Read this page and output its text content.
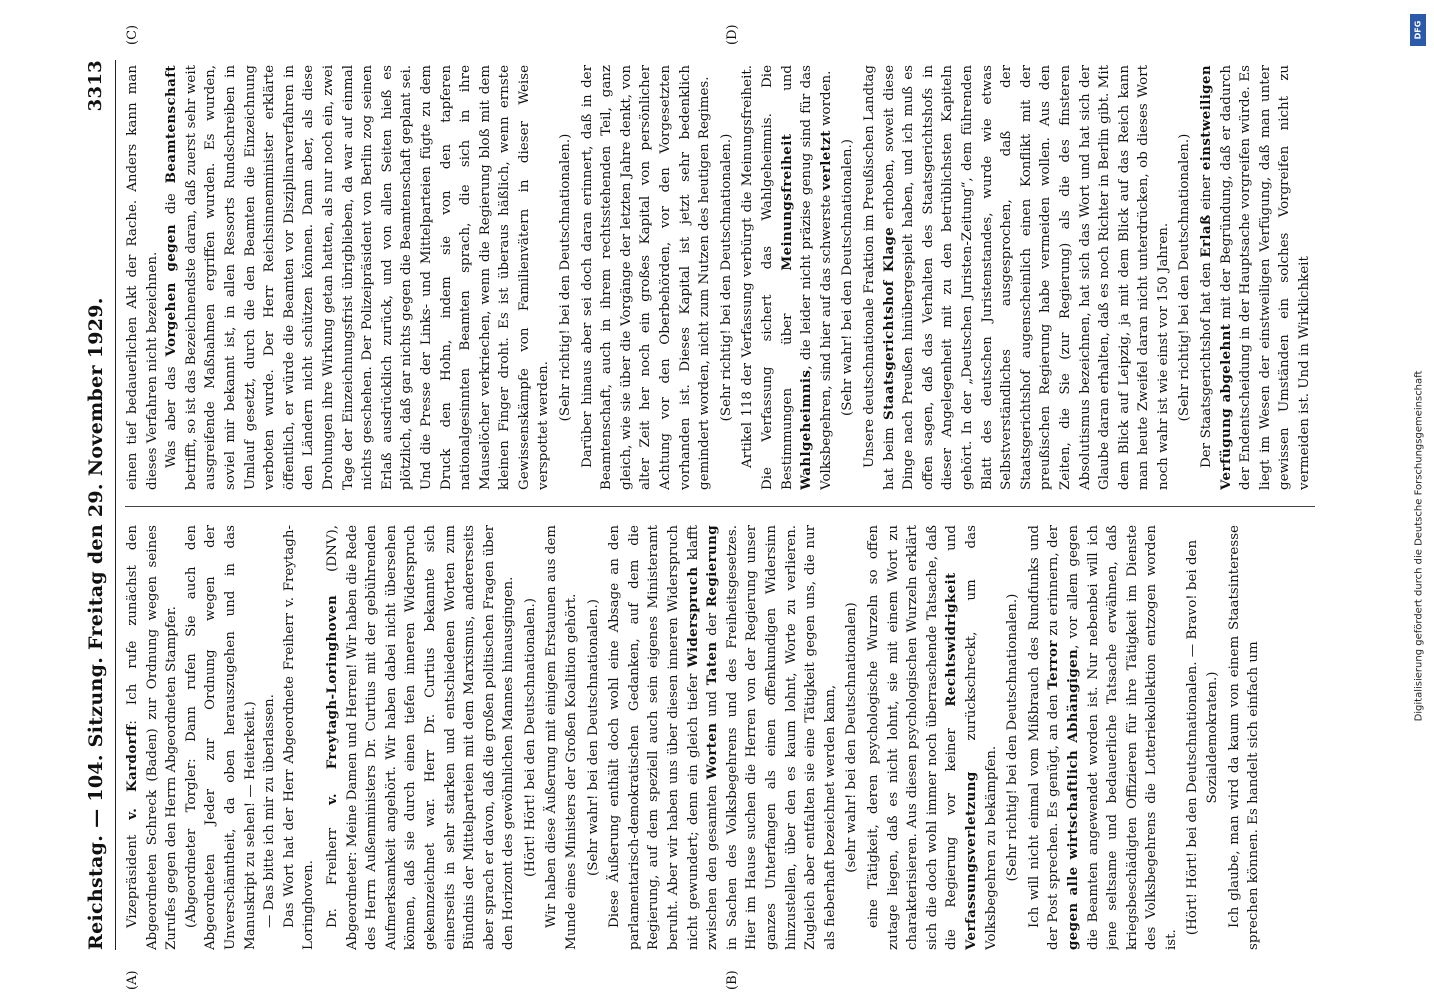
Reichstag. — 104. Sitzung. Freitag den 29. November 1929.
3313
(A)	(B)
(C)	(D)

Vizepräsident v. Kardorff: Ich rufe zunächst den Abgeordneten Schreck (Baden) zur Ordnung wegen seines Zurufes gegen den Herrn Abgeordneten Stampfer. (Abgeordneter Torgler: Dann rufen Sie auch den Abgeordneten Jeder zur Ordnung wegen der Unverschämtheit, da oben herauszugehen und in das Manuskript zu sehen! — Heiterkeit.) — Das bitte ich mir zu überlassen. Das Wort hat der Herr Abgeordnete Freiherr v. Freytagh-Loringhoven. Dr. Freiherr v. Freytagh-Loringhoven (DNV), Abgeordneter: Meine Damen und Herren! Wir haben die Rede des Herrn Außenministers Dr. Curtius mit der gebührenden Aufmerksamkeit angehört. Wir haben dabei nicht übersehen können, daß sie durch einen tiefen inneren Widerspruch gekennzeichnet war. Herr Dr. Curtius bekannte sich einerseits in sehr starken und entschiedenen Worten zum Bündnis der Mittelparteien mit dem Marxismus, andererseits aber sprach er davon, daß die großen politischen Fragen über den Horizont des gewöhnlichen Mannes hinausgingen. (Hört! Hört! bei den Deutschnationalen.) Wir haben diese Äußerung mit einigem Erstaunen aus dem Munde eines Ministers der Großen Koalition gehört. (Sehr wahr! bei den Deutschnationalen.) Diese Äußerung enthält doch wohl eine Absage an den parlamentarisch-demokratischen Gedanken, auf dem die Regierung, auf dem speziell auch sein eigenes Ministeramt beruht. Aber wir haben uns über diesen inneren Widerspruch nicht gewundert; denn ein gleich tiefer Widerspruch klafft zwischen den gesamten Worten und Taten der Regierung in Sachen des Volksbegehrens und des Freiheitsgesetzes. Hier im Hause suchen die Herren von der Regierung unser ganzes Unterfangen als einen offenkundigen Widersinn hinzustellen, über den es kaum lohnt, Worte zu verlieren. Zugleich aber entfalten sie eine Tätigkeit gegen uns, die nur als fieberhaft bezeichnet werden kann, (sehr wahr! bei den Deutschnationalen) eine Tätigkeit, deren psychologische Wurzeln so offen zutage liegen, daß es nicht lohnt, sie mit einem Wort zu charakterisieren. Aus diesen psychologischen Wurzeln erklärt sich die doch wohl immer noch überraschende Tatsache, daß die Regierung vor keiner Rechtswidrigkeit und Verfassungsverletzung zurückschreckt, um das Volksbegehren zu bekämpfen. (Sehr richtig! bei den Deutschnationalen.) Ich will nicht einmal vom Mißbrauch des Rundfunks und der Post sprechen. Es genügt, an den Terror zu erinnern, der gegen alle wirtschaftlich Abhängigen, vor allem gegen die Beamten angewendet worden ist. Nur nebenbei will ich jene seltsame und bedauerliche Tatsache erwähnen, daß kriegsbeschädigten Offizieren für ihre Tätigkeit im Dienste des Volksbegehrens die Lotteriekollektion entzogen worden ist.

(Hört! Hört! bei den Deutschnationalen. — Bravo! bei den Sozialdemokraten.) Ich glaube, man wird da kaum von einem Staatsinteresse sprechen können. Es handelt sich einfach um

einen tief bedauerlichen Akt der Rache. Anders kann man dieses Verfahren nicht bezeichnen. Was aber das Vorgehen gegen die Beamtenschaft betrifft, so ist das Bezeichnendste daran, daß zuerst sehr weit ausgreifende Maßnahmen ergriffen wurden. Es wurden, soviel mir bekannt ist, in allen Ressorts Rundschreiben in Umlauf gesetzt, durch die den Beamten die Einzeichnung verboten wurde. Der Herr Reichsinnenminister erklärte öffentlich, er würde die Beamten vor Disziplinarverfahren in den Ländern nicht schützen können. Dann aber, als diese Drohungen ihre Wirkung getan hatten, als nur noch ein, zwei Tage der Einzeichnungsfrist übrigblieben, da war auf einmal nichts geschehen. Der Polizeipräsident von Berlin zog seinen Erlaß ausdrücklich zurück, und von allen Seiten hieß es plötzlich, daß gar nichts gegen die Beamtenschaft geplant sei. Und die Presse der Links- und Mittelparteien fügte zu dem Druck den Hohn, indem sie von den tapferen nationalgesinnten Beamten sprach, die sich in ihre Mauselöcher verkriechen, wenn die Regierung bloß mit dem kleinen Finger droht. Es ist überaus häßlich, wenn ernste Gewissenskämpfe von Familienvätern in dieser Weise verspottet werden.

(Sehr richtig! bei den Deutschnationalen.) Darüber hinaus aber sei doch daran erinnert, daß in der Beamtenschaft, auch in ihrem rechtsstehenden Teil, ganz gleich, wie sie über die Vorgänge der letzten Jahre denkt, von alter Zeit her noch ein großes Kapital von persönlicher Achtung vor den Oberbehörden, vor den Vorgesetzten vorhanden ist. Dieses Kapital ist jetzt sehr bedenklich gemindert worden, nicht zum Nutzen des heutigen Regimes. (Sehr richtig! bei den Deutschnationalen.) Artikel 118 der Verfassung verbürgt die Meinungsfreiheit. Die Verfassung sichert das Wahlgeheimnis. Die Bestimmungen über Meinungsfreiheit und Wahlgeheimnis, die leider nicht präzise genug sind für das Volksbegehren, sind hier auf das schwerste verletzt worden.

(Sehr wahr! bei den Deutschnationalen.) Unsere deutschnationale Fraktion im Preußischen Landtag hat beim Staatsgerichtshof Klage erhoben, soweit diese Dinge nach Preußen hinübergespielt haben, und ich muß es offen sagen, daß das Verhalten des Staatsgerichtshofs in dieser Angelegenheit mit zu den betrüblichsten Kapiteln gehört. In der „Deutschen Juristen-Zeitung“, dem führenden Blatt des deutschen Juristenstandes, wurde wie etwas Selbstverständliches ausgesprochen, daß der Staatsgerichtshof augenscheinlich einen Konflikt mit der preußischen Regierung habe vermeiden wollen. Aus den Zeiten, die Sie (zur Regierung) als die des finsteren Absolutismus bezeichnen, hat sich das Wort und hat sich der Glaube daran erhalten, daß es noch Richter in Berlin gibt. Mit dem Blick auf Leipzig, ja mit dem Blick auf das Reich kann man heute Zweifel daran nicht unterdrücken, ob dieses Wort noch wahr ist wie einst vor 150 Jahren. (Sehr richtig! bei den Deutschnationalen.) Der Staatsgerichtshof hat den Erlaß einer einstweiligen Verfügung abgelehnt mit der Begründung, daß er dadurch der Endentscheidung in der Hauptsache vorgreifen würde. Es liegt im Wesen der einstweiligen Verfügung, daß man unter gewissen Umständen ein solches Vorgreifen nicht zu vermeiden ist. Und in Wirklichkeit

DFG
Digitalisierung gefördert durch die Deutsche Forschungsgemeinschaft
